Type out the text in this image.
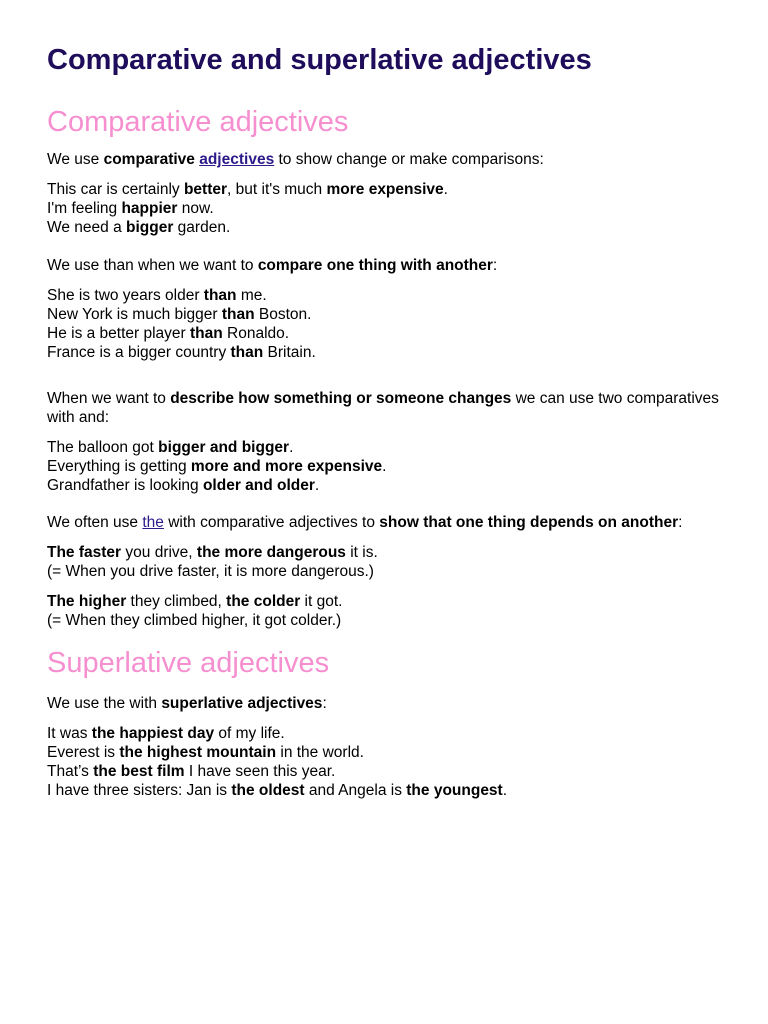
Comparative and superlative adjectives
Comparative adjectives

We use comparative adjectives to show change or make comparisons:

This car is certainly better, but it's much more expensive.

I'm feeling happier now.

We need a bigger garden.

We use than when we want to compare one thing with another:

She is two years older than me.

New York is much bigger than Boston.

He is a better player than Ronaldo.

France is a bigger country than Britain.

When we want to describe how something or someone changes we can use two comparatives with and:

The balloon got bigger and bigger.

Everything is getting more and more expensive.

Grandfather is looking older and older.

We often use the with comparative adjectives to show that one thing depends on another:

The faster you drive, the more dangerous it is.

(= When you drive faster, it is more dangerous.)

The higher they climbed, the colder it got.

(= When they climbed higher, it got colder.)

Superlative adjectives

We use the with superlative adjectives:

It was the happiest day of my life.

Everest is the highest mountain in the world.

That’s the best film I have seen this year.

I have three sisters: Jan is the oldest and Angela is the youngest.
